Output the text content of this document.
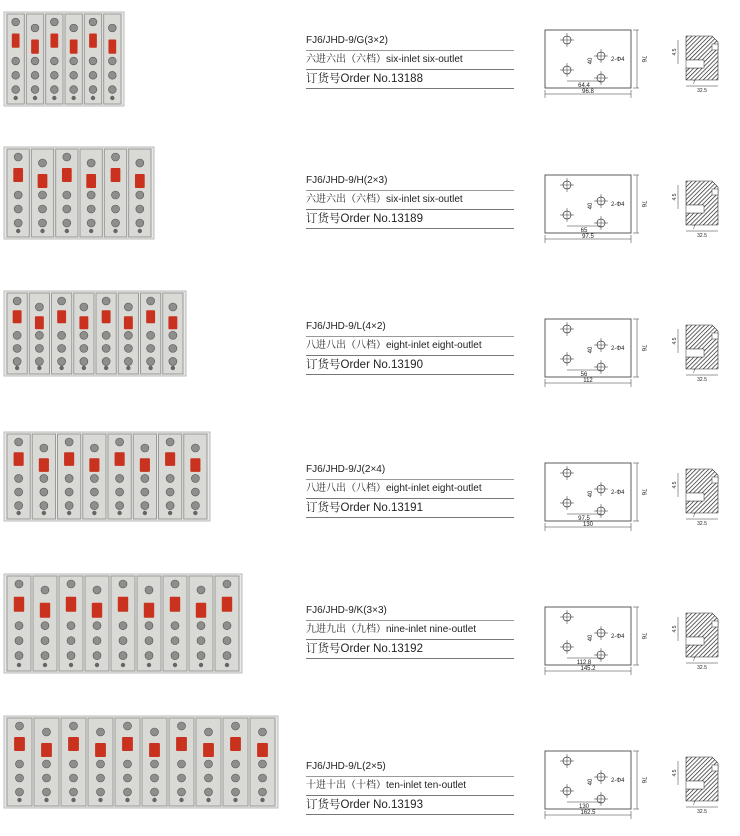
FJ6/JHD-9/G(3×2)
六进六出（六档）six-inlet six-outlet
订货号Order No.13188
76
40	2-Φ4
64.4
96.8
4.5
7
32.5
FJ6/JHD-9/H(2×3)
六进六出（六档）six-inlet six-outlet
订货号Order No.13189
76
40	2-Φ4
65
97.5
4.5
7
32.5
FJ6/JHD-9/L(4×2)
八进八出（八档）eight-inlet eight-outlet
订货号Order No.13190
76
40	2-Φ4
56
112
4.5
7
32.5
FJ6/JHD-9/J(2×4)
八进八出（八档）eight-inlet eight-outlet
订货号Order No.13191
76
40	2-Φ4
97.5
130
4.5
7
32.5
FJ6/JHD-9/K(3×3)
九进九出（九档）nine-inlet nine-outlet
订货号Order No.13192
76
40	2-Φ4
112.8
145.2
4.5
7
32.5
FJ6/JHD-9/L(2×5)
十进十出（十档）ten-inlet ten-outlet
订货号Order No.13193
76
40	2-Φ4
130
162.5
4.5
7
32.5
